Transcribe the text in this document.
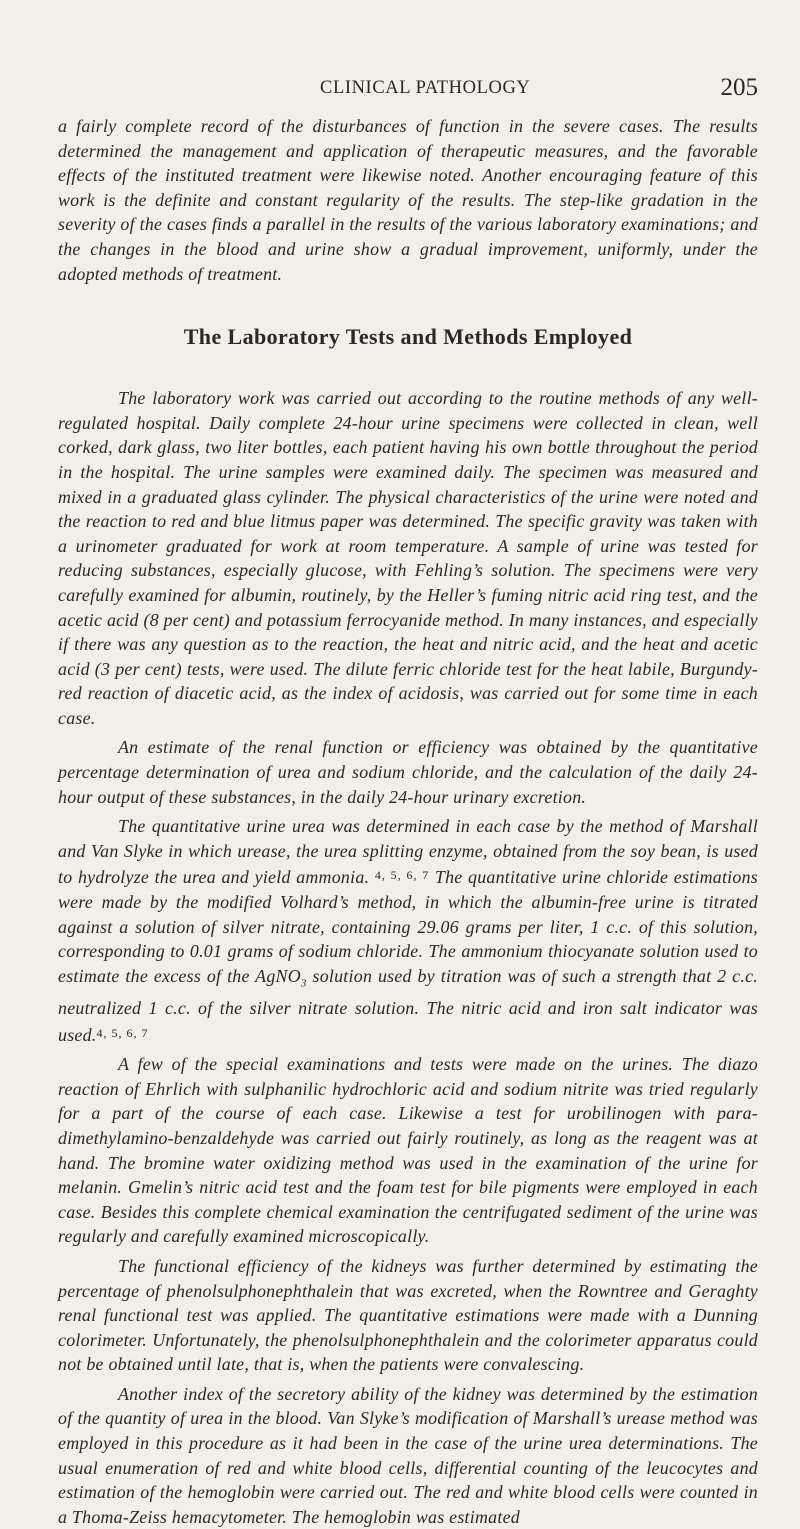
CLINICAL PATHOLOGY	205

a fairly complete record of the disturbances of function in the severe cases. The results determined the management and application of therapeutic measures, and the favorable effects of the instituted treatment were likewise noted. Another encouraging feature of this work is the definite and constant regularity of the results. The step-like gradation in the severity of the cases finds a parallel in the results of the various laboratory examinations; and the changes in the blood and urine show a gradual improvement, uniformly, under the adopted methods of treatment.

The Laboratory Tests and Methods Employed

The laboratory work was carried out according to the routine methods of any well-regulated hospital. Daily complete 24-hour urine specimens were collected in clean, well corked, dark glass, two liter bottles, each patient having his own bottle throughout the period in the hospital. The urine samples were examined daily. The specimen was measured and mixed in a graduated glass cylinder. The physical characteristics of the urine were noted and the reaction to red and blue litmus paper was determined. The specific gravity was taken with a urinometer graduated for work at room temperature. A sample of urine was tested for reducing substances, especially glucose, with Fehling’s solution. The specimens were very carefully examined for albumin, routinely, by the Heller’s fuming nitric acid ring test, and the acetic acid (8 per cent) and potassium ferrocyanide method. In many instances, and especially if there was any question as to the reaction, the heat and nitric acid, and the heat and acetic acid (3 per cent) tests, were used. The dilute ferric chloride test for the heat labile, Burgundy-red reaction of diacetic acid, as the index of acidosis, was carried out for some time in each case.

An estimate of the renal function or efficiency was obtained by the quantitative percentage determination of urea and sodium chloride, and the calculation of the daily 24-hour output of these substances, in the daily 24-hour urinary excretion.

The quantitative urine urea was determined in each case by the method of Marshall and Van Slyke in which urease, the urea splitting enzyme, obtained from the soy bean, is used to hydrolyze the urea and yield ammonia. $^{4, 5, 6, 7}$ The quantitative urine chloride estimations were made by the modified Volhard’s method, in which the albumin-free urine is titrated against a solution of silver nitrate, containing 29.06 grams per liter, 1 c.c. of this solution, corresponding to 0.01 grams of sodium chloride. The ammonium thiocyanate solution used to estimate the excess of the AgNO$_3$ solution used by titration was of such a strength that 2 c.c. neutralized 1 c.c. of the silver nitrate solution. The nitric acid and iron salt indicator was used.$^{4, 5, 6, 7}$

A few of the special examinations and tests were made on the urines. The diazo reaction of Ehrlich with sulphanilic hydrochloric acid and sodium nitrite was tried regularly for a part of the course of each case. Likewise a test for urobilinogen with para-dimethylamino-benzaldehyde was carried out fairly routinely, as long as the reagent was at hand. The bromine water oxidizing method was used in the examination of the urine for melanin. Gmelin’s nitric acid test and the foam test for bile pigments were employed in each case. Besides this complete chemical examination the centrifugated sediment of the urine was regularly and carefully examined microscopically.

The functional efficiency of the kidneys was further determined by estimating the percentage of phenolsulphonephthalein that was excreted, when the Rowntree and Geraghty renal functional test was applied. The quantitative estimations were made with a Dunning colorimeter. Unfortunately, the phenolsulphonephthalein and the colorimeter apparatus could not be obtained until late, that is, when the patients were convalescing.

Another index of the secretory ability of the kidney was determined by the estimation of the quantity of urea in the blood. Van Slyke’s modification of Marshall’s urease method was employed in this procedure as it had been in the case of the urine urea determinations. The usual enumeration of red and white blood cells, differential counting of the leucocytes and estimation of the hemoglobin were carried out. The red and white blood cells were counted in a Thoma-Zeiss hemacytometer. The hemoglobin was estimated
